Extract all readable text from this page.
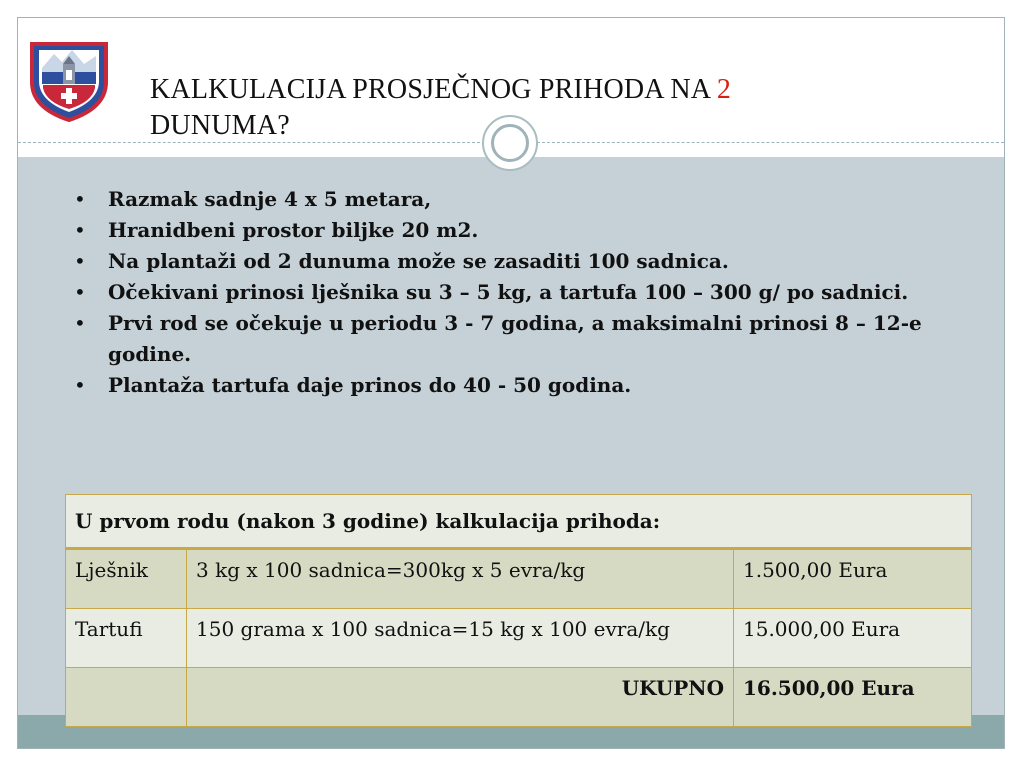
KALKULACIJA PROSJEČNOG PRIHODA NA 2
DUNUMA?
• Razmak sadnje 4 x 5 metara,
• Hranidbeni prostor biljke 20 m2.
• Na plantaži od 2 dunuma može se zasaditi 100 sadnica.
• Očekivani prinosi lješnika su 3 – 5 kg, a tartufa 100 – 300 g/ po sadnici.
• Prvi rod se očekuje u periodu 3 - 7 godina, a maksimalni prinosi 8 – 12-e godine.
• Plantaža tartufa daje prinos do 40 - 50 godina.
U prvom rodu (nakon 3 godine) kalkulacija prihoda:		
Lješnik	3 kg x 100 sadnica=300kg x 5 evra/kg	1.500,00 Eura
Tartufi	150 grama x 100 sadnica=15 kg x 100 evra/kg	15.000,00 Eura
	UKUPNO	16.500,00 Eura
